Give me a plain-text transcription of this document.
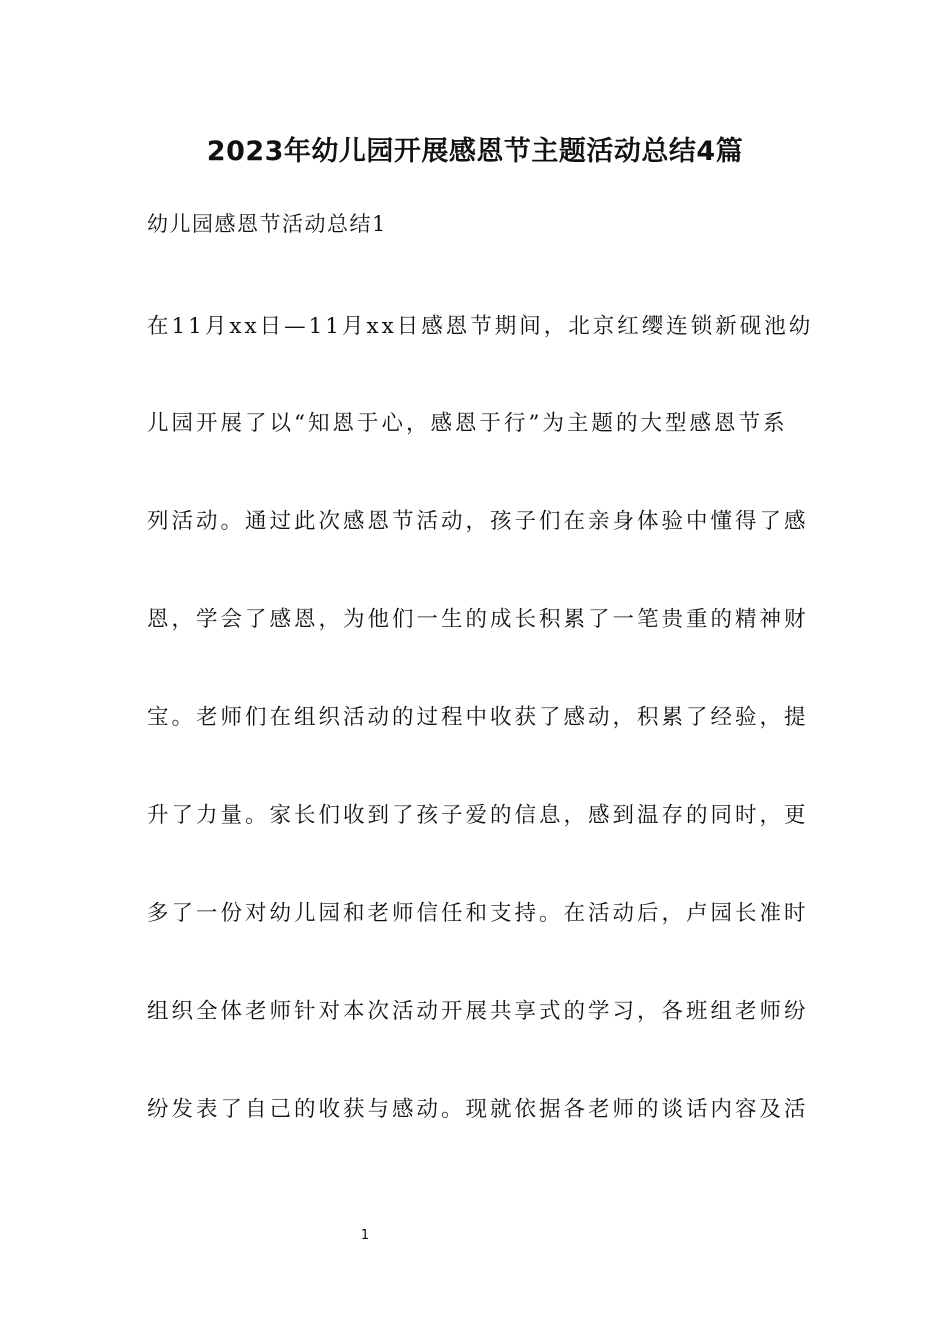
2023年幼儿园开展感恩节主题活动总结4篇

幼儿园感恩节活动总结1

在11月xx日—11月xx日感恩节期间，北京红缨连锁新砚池幼

儿园开展了以“知恩于心，感恩于行”为主题的大型感恩节系

列活动。通过此次感恩节活动，孩子们在亲身体验中懂得了感

恩，学会了感恩，为他们一生的成长积累了一笔贵重的精神财

宝。老师们在组织活动的过程中收获了感动，积累了经验，提

升了力量。家长们收到了孩子爱的信息，感到温存的同时，更

多了一份对幼儿园和老师信任和支持。在活动后，卢园长准时

组织全体老师针对本次活动开展共享式的学习，各班组老师纷

纷发表了自己的收获与感动。现就依据各老师的谈话内容及活

1
